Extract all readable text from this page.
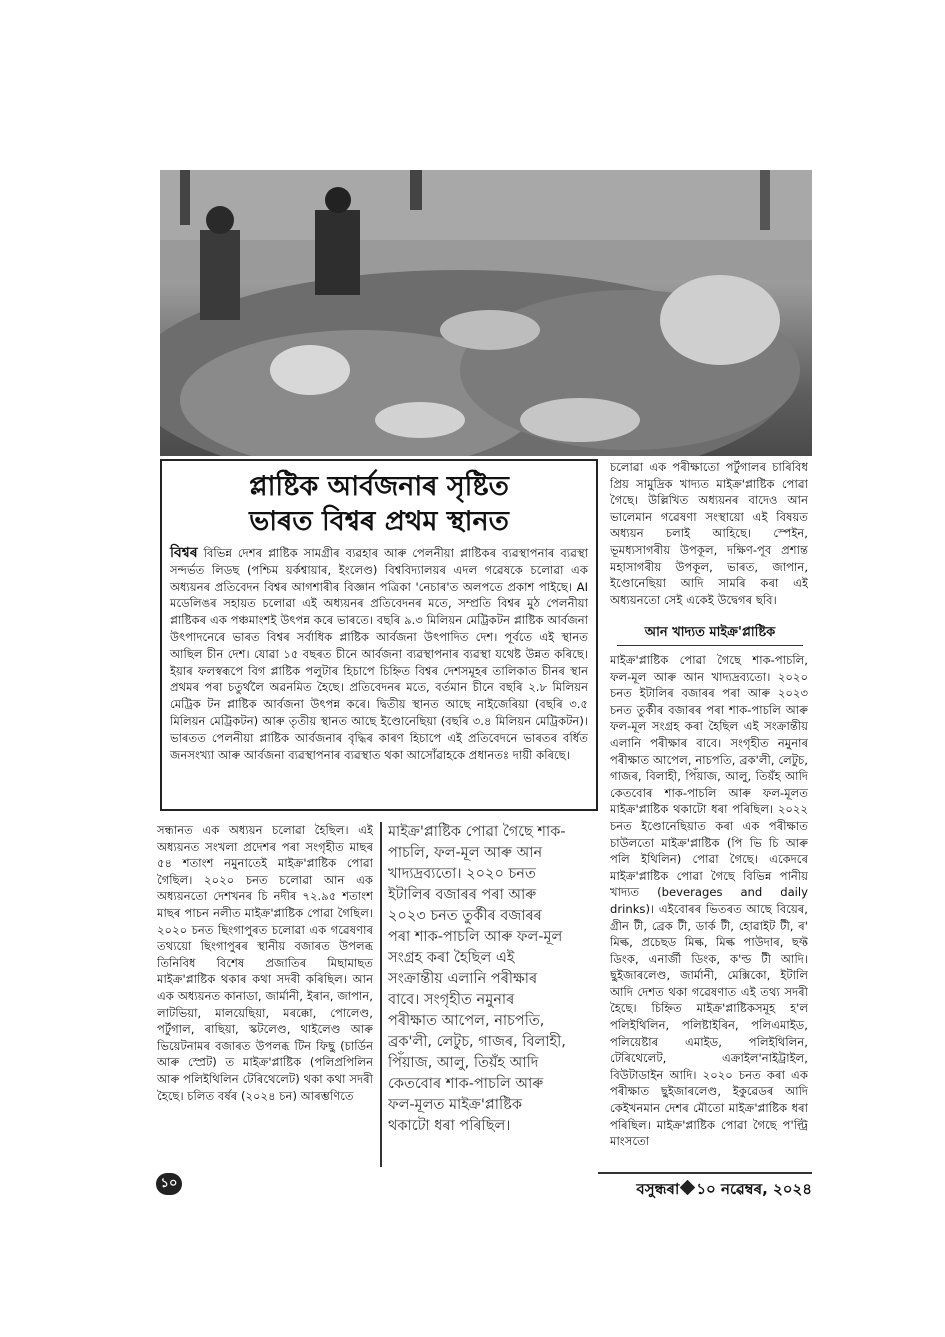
প্লাষ্টিক আৰ্বজনাৰ সৃষ্টিত
ভাৰত বিশ্বৰ প্ৰথম স্থানত

বিশ্বৰ বিভিন্ন দেশৰ প্লাষ্টিক সামগ্ৰীৰ ব্যৱহাৰ আৰু পেলনীয়া প্লাষ্টিকৰ ব্যৱস্থাপনাৰ ব্যৱস্থা সন্দৰ্ভত লিডছ (পশ্চিম য়ৰ্কশ্বায়াৰ, ইংলেণ্ড) বিশ্ববিদ্যালয়ৰ এদল গৱেষকে চলোৱা এক অধ্যয়নৰ প্ৰতিবেদন বিশ্বৰ আগশাৰীৰ বিজ্ঞান পত্ৰিকা 'নেচাৰ'ত অলপতে প্ৰকাশ পাইছে। AI মডেলিঙৰ সহায়ত চলোৱা এই অধ্যয়নৰ প্ৰতিবেদনৰ মতে, সম্প্ৰতি বিশ্বৰ মুঠ পেলনীয়া প্লাষ্টিকৰ এক পঞ্চমাংশই উৎপন্ন কৰে ভাৰতে। বছৰি ৯.৩ মিলিয়ন মেট্ৰিকটন প্লাষ্টিক আৰ্বজনা উৎপাদনেৰে ভাৰত বিশ্বৰ সৰ্বাধিক প্লাষ্টিক আৰ্বজনা উৎপাদিত দেশ। পূৰ্বতে এই স্থানত আছিল চীন দেশ। যোৱা ১৫ বছৰত চীনে আৰ্বজনা ব্যৱস্থাপনাৰ ব্যৱস্থা যথেষ্ট উন্নত কৰিছে। ইয়াৰ ফলস্বৰূপে বিগ প্লাষ্টিক পলুটাৰ হিচাপে চিহ্নিত বিশ্বৰ দেশসমূহৰ তালিকাত চীনৰ স্থান প্ৰথমৰ পৰা চতুৰ্থলৈ অৱনমিত হৈছে। প্ৰতিবেদনৰ মতে, বৰ্তমান চীনে বছৰি ২.৮ মিলিয়ন মেট্ৰিক টন প্লাষ্টিক আৰ্বজনা উৎপন্ন কৰে। দ্বিতীয় স্থানত আছে নাইজেৰিয়া (বছৰি ৩.৫ মিলিয়ন মেট্ৰিকটন) আৰু তৃতীয় স্থানত আছে ইণ্ডোনেছিয়া (বছৰি ৩.৪ মিলিয়ন মেট্ৰিকটন)। ভাৰতত পেলনীয়া প্লাষ্টিক আৰ্বজনাৰ বৃদ্ধিৰ কাৰণ হিচাপে এই প্ৰতিবেদনে ভাৰতৰ বৰ্ধিত জনসংখ্যা আৰু আৰ্বজনা ব্যৱস্থাপনাৰ ব্যৱস্থাত থকা আসোঁৱাহকে প্ৰধানতঃ দায়ী কৰিছে।

চলোৱা এক পৰীক্ষাতো পৰ্টুগালৰ চাৰিবিধ প্ৰিয় সামুদ্ৰিক খাদ্যত মাইক্ৰ'প্লাষ্টিক পোৱা গৈছে। উল্লিখিত অধ্যয়নৰ বাদেও আন ভালেমান গৱেষণা সংস্থায়ো এই বিষয়ত অধ্যয়ন চলাই আহিছে। স্পেইন, ভূমধ্যসাগৰীয় উপকূল, দক্ষিণ-পূব প্ৰশান্ত মহাসাগৰীয় উপকূল, ভাৰত, জাপান, ইণ্ডোনেছিয়া আদি সামৰি কৰা এই অধ্যয়নতো সেই একেই উদ্বেগৰ ছবি।
আন খাদ্যত মাইক্ৰ'প্লাষ্টিক
মাইক্ৰ'প্লাষ্টিক পোৱা গৈছে শাক-পাচলি, ফল-মূল আৰু আন খাদ্যদ্ৰব্যতো। ২০২০ চনত ইটালিৰ বজাৰৰ পৰা আৰু ২০২৩ চনত তুৰ্কীৰ বজাৰৰ পৰা শাক-পাচলি আৰু ফল-মূল সংগ্ৰহ কৰা হৈছিল এই সংক্ৰান্তীয় এলানি পৰীক্ষাৰ বাবে। সংগৃহীত নমুনাৰ পৰীক্ষাত আপেল, নাচপতি, ব্ৰক'লী, লেটুচ, গাজৰ, বিলাহী, পিঁয়াজ, আলু, তিয়ঁহ আদি কেতবোৰ শাক-পাচলি আৰু ফল-মূলত মাইক্ৰ'প্লাষ্টিক থকাটো ধৰা পৰিছিল। ২০২২ চনত ইণ্ডোনেছিয়াত কৰা এক পৰীক্ষাত চাউলতো মাইক্ৰ'প্লাষ্টিক (পি ভি চি আৰু পলি ইথিলিন) পোৱা গৈছে। একেদৰে মাইক্ৰ'প্লাষ্টিক পোৱা গৈছে বিভিন্ন পানীয় খাদ্যত (beverages and daily drinks)। এইবোৰৰ ভিতৰত আছে বিয়েৰ, গ্ৰীন টী, ব্ৰেক টী, ডাৰ্ক টী, হোৱাইট টী, ৰ' মিল্ক, প্ৰচেছড মিল্ক, মিল্ক পাউদাৰ, ছফ্ট ডিংক, এনাৰ্জী ডিংক, ক'ল্ড টী আদি। ছুইজাৰলেণ্ড, জাৰ্মানী, মেক্সিকো, ইটালি আদি দেশত থকা গৱেষণাত এই তথ্য সদৰী হৈছে। চিহ্নিত মাইক্ৰ'প্লাষ্টিকসমূহ হ'ল পলিইথিলিন, পলিষ্টাইৰিন, পলিএমাইড, পলিয়েষ্টাৰ এমাইড, পলিইথিলিন, টেৰিথেলেট, এক্ৰাইল'নাইট্ৰাইল, বিউটাডাইন আদি। ২০২০ চনত কৰা এক পৰীক্ষাত ছুইজাৰলেণ্ড, ইকুৱেডৰ আদি কেইখনমান দেশৰ মৌতো মাইক্ৰ'প্লাষ্টিক ধৰা পৰিছিল। মাইক্ৰ'প্লাষ্টিক পোৱা গৈছে প'ল্ট্ৰি মাংসতো
সন্ধানত এক অধ্যয়ন চলোৱা হৈছিল। এই অধ্যয়নত সংখলা প্ৰদেশৰ পৰা সংগৃহীত মাছৰ ৫৪ শতাংশ নমুনাতেই মাইক্ৰ'প্লাষ্টিক পোৱা গৈছিল। ২০২০ চনত চলোৱা আন এক অধ্যয়নতো দেশখনৰ চি নদীৰ ৭২.৯৫ শতাংশ মাছৰ পাচন নলীত মাইক্ৰ'প্লাষ্টিক পোৱা গৈছিল। ২০২০ চনত ছিংগাপুৰত চলোৱা এক গৱেষণাৰ তথ্যয়ো ছিংগাপুৰৰ স্থানীয় বজাৰত উপলব্ধ তিনিবিধ বিশেষ প্ৰজাতিৰ মিছামাছত মাইক্ৰ'প্লাষ্টিক থকাৰ কথা সদৰী কৰিছিল। আন এক অধ্যয়নত কানাডা, জাৰ্মানী, ইৰান, জাপান, লাটভিয়া, মালয়েছিয়া, মৰক্কো, পোলেণ্ড, পৰ্টুগাল, ৰাছিয়া, স্কটলেণ্ড, থাইলেণ্ড আৰু ভিয়েটনামৰ বজাৰত উপলব্ধ টিন ফিছু (চাৰ্ডিন আৰু স্প্ৰেট) ত মাইক্ৰ'প্লাষ্টিক (পলিপ্ৰপিলিন আৰু পলিইথিলিন টেৰিথেলেট) থকা কথা সদৰী হৈছে। চলিত বৰ্ষৰ (২০২৪ চন) আৰম্ভণিতে
মাইক্ৰ'প্লাষ্টিক পোৱা গৈছে শাক-পাচলি, ফল-মূল আৰু আন খাদ্যদ্ৰব্যতো। ২০২০ চনত ইটালিৰ বজাৰৰ পৰা আৰু ২০২৩ চনত তুৰ্কীৰ বজাৰৰ পৰা শাক-পাচলি আৰু ফল-মূল সংগ্ৰহ কৰা হৈছিল এই সংক্ৰান্তীয় এলানি পৰীক্ষাৰ বাবে। সংগৃহীত নমুনাৰ পৰীক্ষাত আপেল, নাচপতি, ব্ৰক'লী, লেটুচ, গাজৰ, বিলাহী, পিঁয়াজ, আলু, তিয়ঁহ আদি কেতবোৰ শাক-পাচলি আৰু ফল-মূলত মাইক্ৰ'প্লাষ্টিক থকাটো ধৰা পৰিছিল।
১০	বসুন্ধৰা ১০ নৱেম্বৰ, ২০২৪
